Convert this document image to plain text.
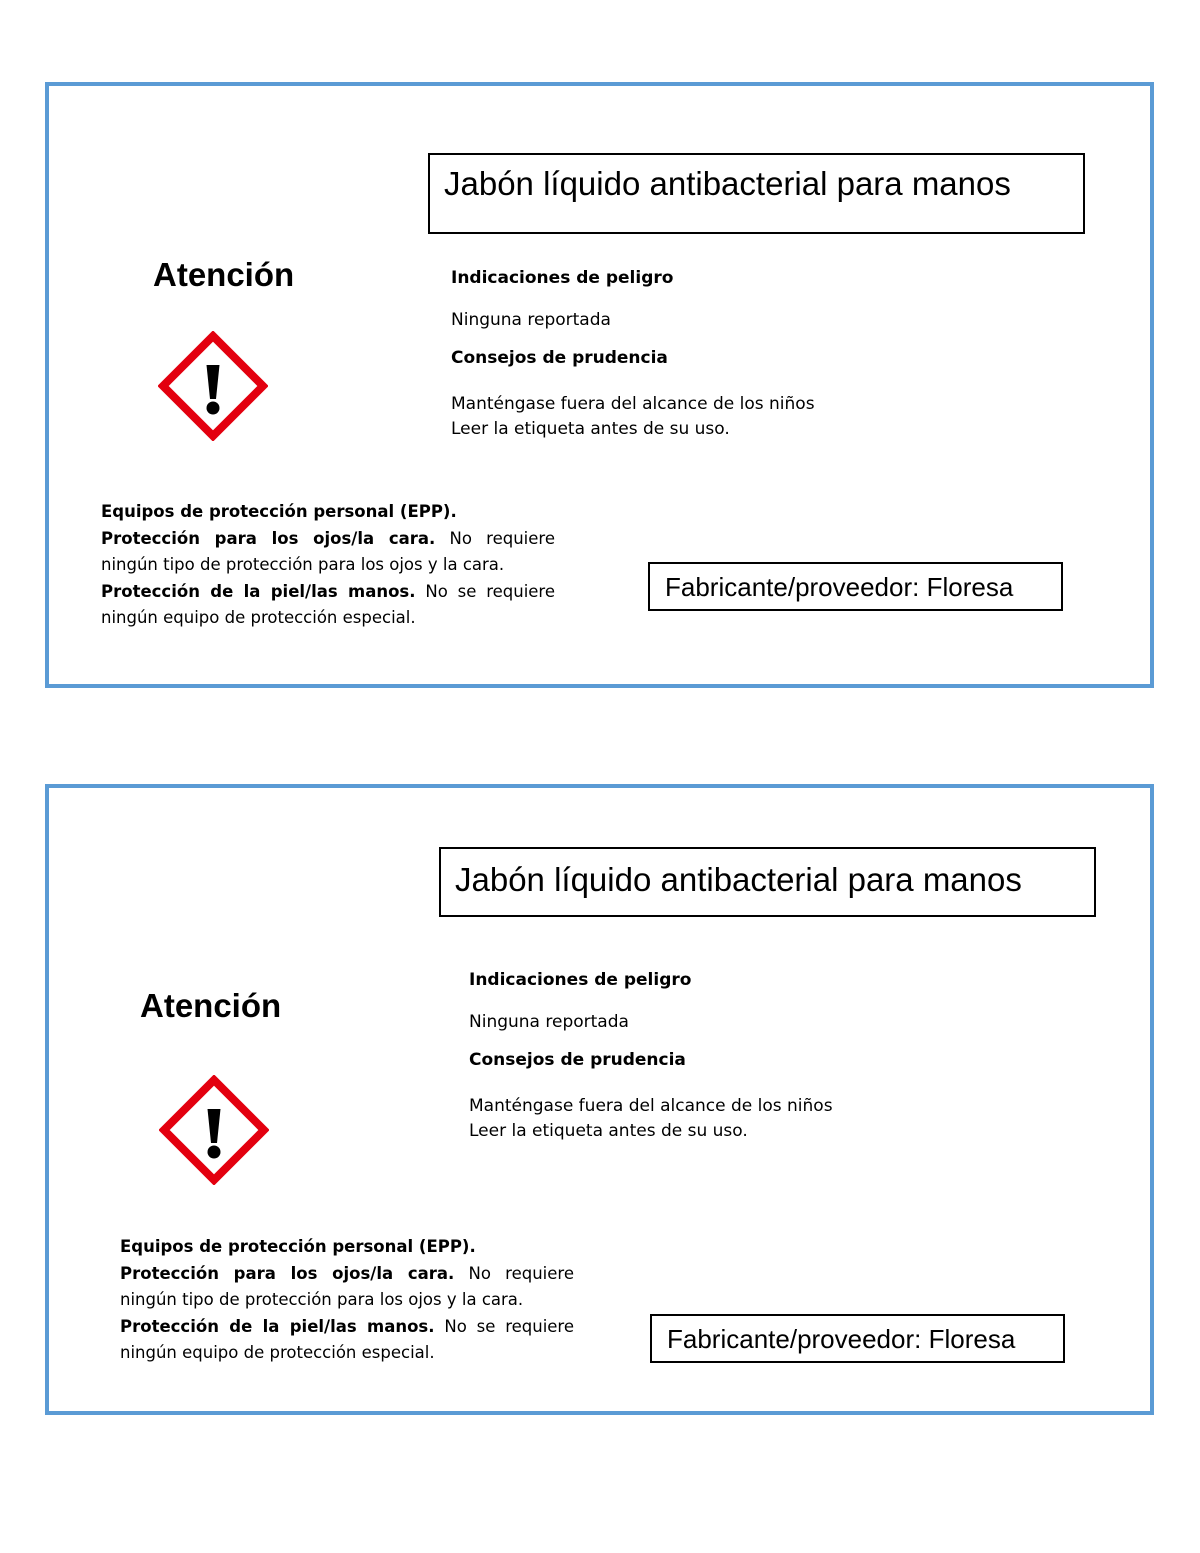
Jabón líquido antibacterial para manos
Atención	Indicaciones de peligro

Ninguna reportada

Consejos de prudencia

Manténgase fuera del alcance de los niños

Leer la etiqueta antes de su uso.

Equipos de protección personal (EPP).
Protección para los ojos/la cara. No requiere ningún tipo de protección para los ojos y la cara.
Protección de la piel/las manos. No se requiere ningún equipo de protección especial.
Fabricante/proveedor: Floresa
Jabón líquido antibacterial para manos
Atención

Indicaciones de peligro

Ninguna reportada

Consejos de prudencia

Manténgase fuera del alcance de los niños

Leer la etiqueta antes de su uso.

Equipos de protección personal (EPP).
Protección para los ojos/la cara. No requiere ningún tipo de protección para los ojos y la cara.
Protección de la piel/las manos. No se requiere ningún equipo de protección especial.	Fabricante/proveedor: Floresa
